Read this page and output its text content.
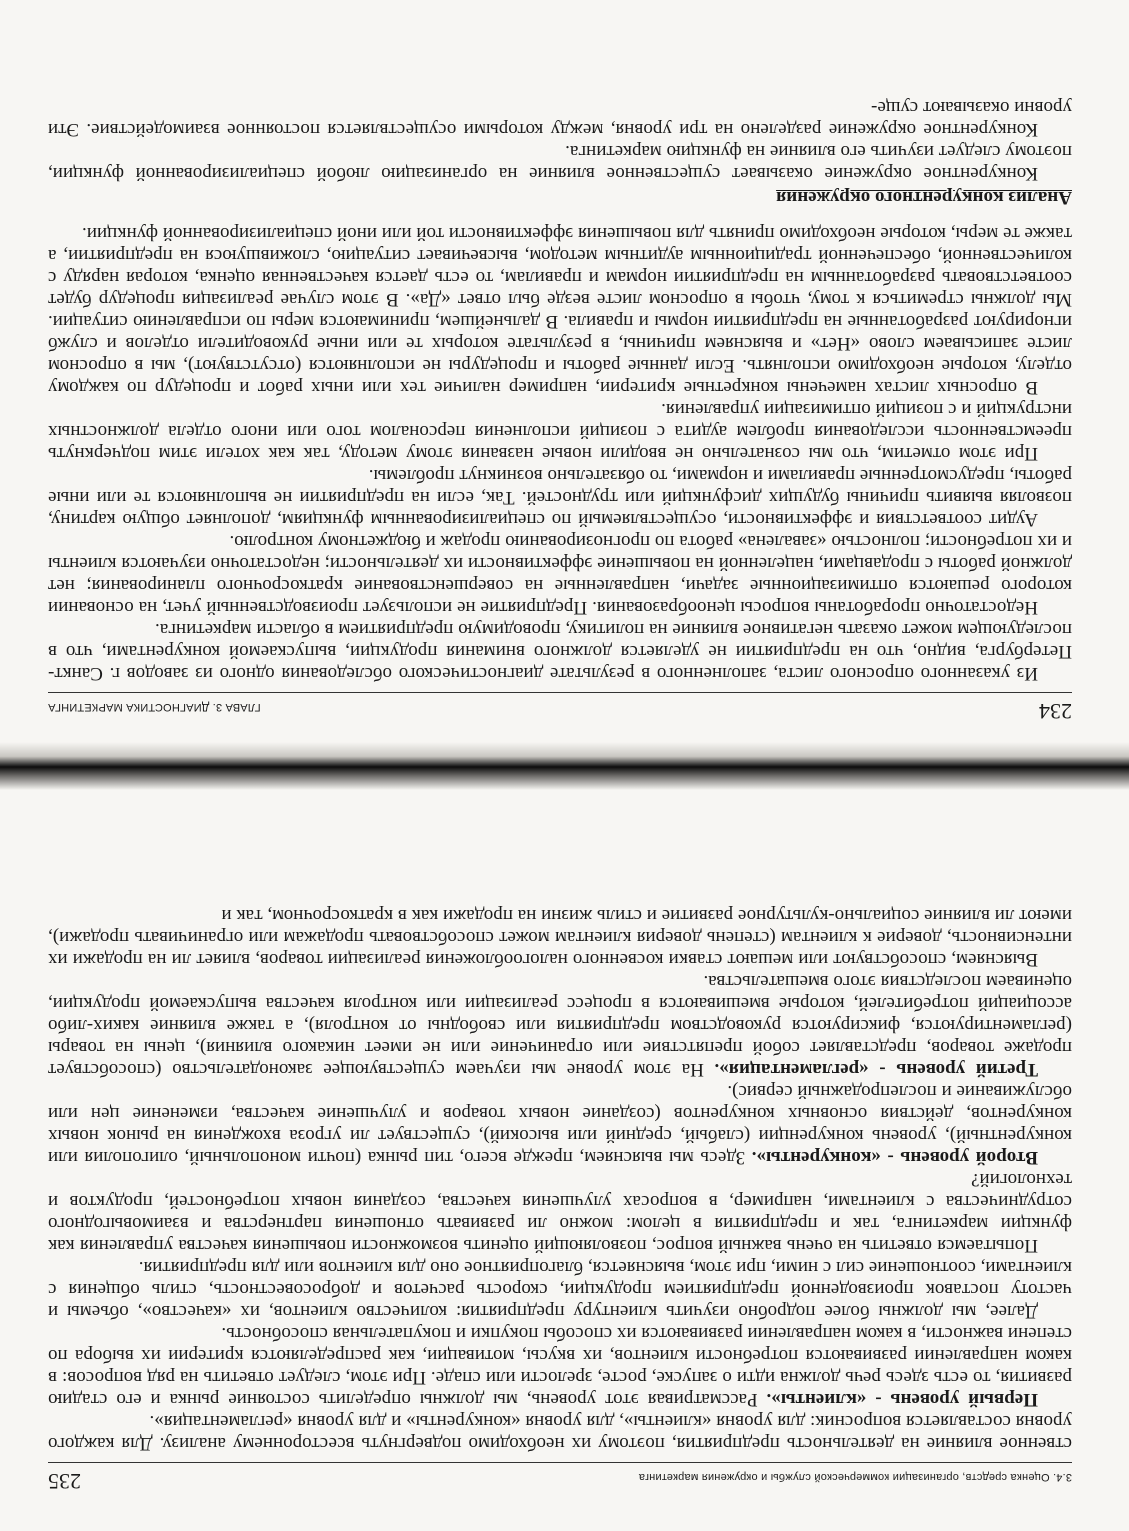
234
ГЛАВА 3. ДИАГНОСТИКА МАРКЕТИНГА

Из указанного опросного листа, заполненного в результате диагностического обследования одного из заводов г. Санкт-Петербурга, видно, что на предприятии не уделяется должного внимания продукции, выпускаемой конкурентами, что в последующем может оказать негативное влияние на политику, проводимую предприятием в области маркетинга.

Недостаточно проработаны вопросы ценообразования. Предприятие не использует производственный учет, на основании которого решаются оптимизационные задачи, направленные на совершенствование краткосрочного планирования; нет должной работы с продавцами, нацеленной на повышение эффективности их деятельности; недостаточно изучаются клиенты и их потребности; полностью «завалена» работа по прогнозированию продаж и бюджетному контролю.

Аудит соответствия и эффективности, осуществляемый по специализированным функциям, дополняет общую картину, позволяя выявить причины будущих дисфункций или трудностей. Так, если на предприятии не выполняются те или иные работы, предусмотренные правилами и нормами, то обязательно возникнут проблемы.

При этом отметим, что мы сознательно не вводили новые названия этому методу, так как хотели этим подчеркнуть преемственность исследования проблем аудита с позиций исполнения персоналом того или иного отдела должностных инструкций и с позиций оптимизации управления.

В опросных листах намечены конкретные критерии, например наличие тех или иных работ и процедур по каждому отделу, которые необходимо исполнять. Если данные работы и процедуры не исполняются (отсутствуют), мы в опросном листе записываем слово «Нет» и выясняем причины, в результате которых те или иные руководители отделов и служб игнорируют разработанные на предприятии нормы и правила. В дальнейшем, принимаются меры по исправлению ситуации. Мы должны стремиться к тому, чтобы в опросном листе везде был ответ «Да». В этом случае реализация процедур будет соответствовать разработанным на предприятии нормам и правилам, то есть дается качественная оценка, которая наряду с количественной, обеспеченной традиционным аудитным методом, высвечивает ситуацию, сложившуюся на предприятии, а также те меры, которые необходимо принять для повышения эффективности той или иной специализированной функции.

Анализ конкурентного окружения

Конкурентное окружение оказывает существенное влияние на организацию любой специализированной функции, поэтому следует изучить его влияние на функцию маркетинга.

Конкурентное окружение разделено на три уровня, между которыми осуществляется постоянное взаимодействие. Эти уровни оказывают суще-

3.4. Оценка средств, организации коммерческой службы и окружения маркетинга
235

ственное влияние на деятельность предприятия, поэтому их необходимо подвергнуть всестороннему анализу. Для каждого уровня составляется вопросник: для уровня «клиенты», для уровня «конкуренты» и для уровня «регламентация».

Первый уровень - «клиенты». Рассматривая этот уровень, мы должны определить состояние рынка и его стадию развития, то есть здесь речь должна идти о запуске, росте, зрелости или спаде. При этом, следует ответить на ряд вопросов: в каком направлении развиваются потребности клиентов, их вкусы, мотивации, как распределяются критерии их выбора по степени важности, в каком направлении развиваются их способы покупки и покупательная способность.

Далее, мы должны более подробно изучить клиентуру предприятия: количество клиентов, их «качество», объемы и частоту поставок производенной предприятием продукции, скорость расчетов и добросовестность, стиль общения с клиентами, соотношение сил с ними, при этом, выясняется, благоприятное оно для клиентов или для предприятия.

Попытаемся ответить на очень важный вопрос, позволяющий оценить возможности повышения качества управления как функции маркетинга, так и предприятия в целом: можно ли развивать отношения партнерства и взаимовыгодного сотрудничества с клиентами, например, в вопросах улучшения качества, создания новых потребностей, продуктов и технологий?

Второй уровень - «конкуренты». Здесь мы выясняем, прежде всего, тип рынка (почти монопольный, олигополия или конкурентный), уровень конкуренции (слабый, средний или высокий), существует ли угроза вхождения на рынок новых конкурентов, действия основных конкурентов (создание новых товаров и улучшение качества, изменение цен или обслуживание и послепродажный сервис).

Третий уровень - «регламентация». На этом уровне мы изучаем существующее законодательство (способствует продаже товаров, представляет собой препятствие или ограничение или не имеет никакого влияния), цены на товары (регламентируются, фиксируются руководством предприятия или свободны от контроля), а также влияние каких-либо ассоциаций потребителей, которые вмешиваются в процесс реализации или контроля качества выпускаемой продукции, оцениваем последствия этого вмешательства.

Выясняем, способствуют или мешают ставки косвенного налогообложения реализации товаров, влияет ли на продажи их интенсивность, доверие к клиентам (степень доверия клиентам может способствовать продажам или ограничивать продажи), имеют ли влияние социально-культурное развитие и стиль жизни на продажи как в краткосрочном, так и
